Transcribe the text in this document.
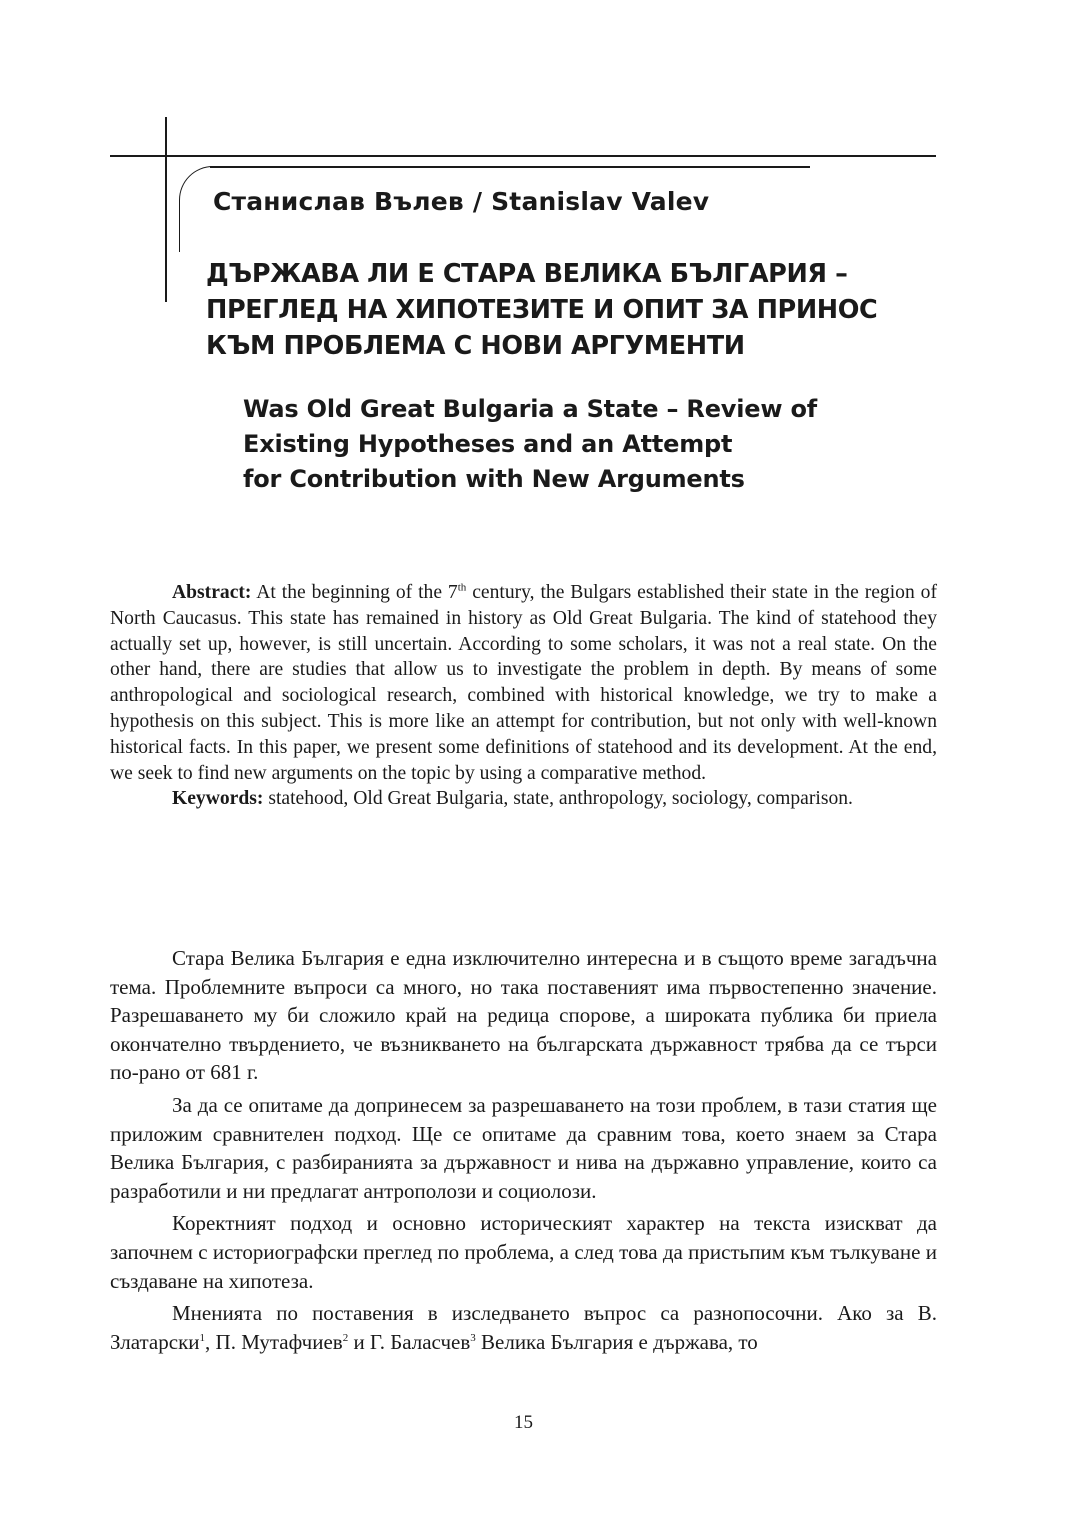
Станислав Вълев / Stanislav Valev
ДЪРЖАВА ЛИ Е СТАРА ВЕЛИКА БЪЛГАРИЯ –
ПРЕГЛЕД НА ХИПОТЕЗИТЕ И ОПИТ ЗА ПРИНОС
КЪМ ПРОБЛЕМА С НОВИ АРГУМЕНТИ
Was Old Great Bulgaria a State – Review of
Existing Hypotheses and an Attempt
for Contribution with New Arguments

Abstract: At the beginning of the 7th century, the Bulgars established their state in the region of North Caucasus. This state has remained in history as Old Great Bulgaria. The kind of statehood they actually set up, however, is still uncertain. According to some scholars, it was not a real state. On the other hand, there are studies that allow us to investigate the problem in depth. By means of some anthropological and sociological research, combined with historical knowledge, we try to make a hypothesis on this subject. This is more like an attempt for contribution, but not only with well-known historical facts. In this paper, we present some definitions of statehood and its development. At the end, we seek to find new arguments on the topic by using a comparative method.

Keywords: statehood, Old Great Bulgaria, state, anthropology, sociology, comparison.

Стара Велика България е една изключително интересна и в същото време загадъчна тема. Проблемните въпроси са много, но така поставеният има първостепенно значение. Разрешаването му би сложило край на редица спорове, а широката публика би приела окончателно твърдението, че възникването на българската държавност трябва да се търси по-рано от 681 г.

За да се опитаме да допринесем за разрешаването на този проблем, в тази статия ще приложим сравнителен подход. Ще се опитаме да сравним това, което знаем за Стара Велика България, с разбиранията за държавност и нива на държавно управление, които са разработили и ни предлагат антрополози и социолози.

Коректният подход и основно историческият характер на текста изискват да започнем с историографски преглед по проблема, а след това да пристьпим към тълкуване и създаване на хипотеза.

Мненията по поставения в изследването въпрос са разнопосочни. Ако за В. Златарски$^1$, П. Мутафчиев$^2$ и Г. Баласчев$^3$ Велика България е държава, то

15
